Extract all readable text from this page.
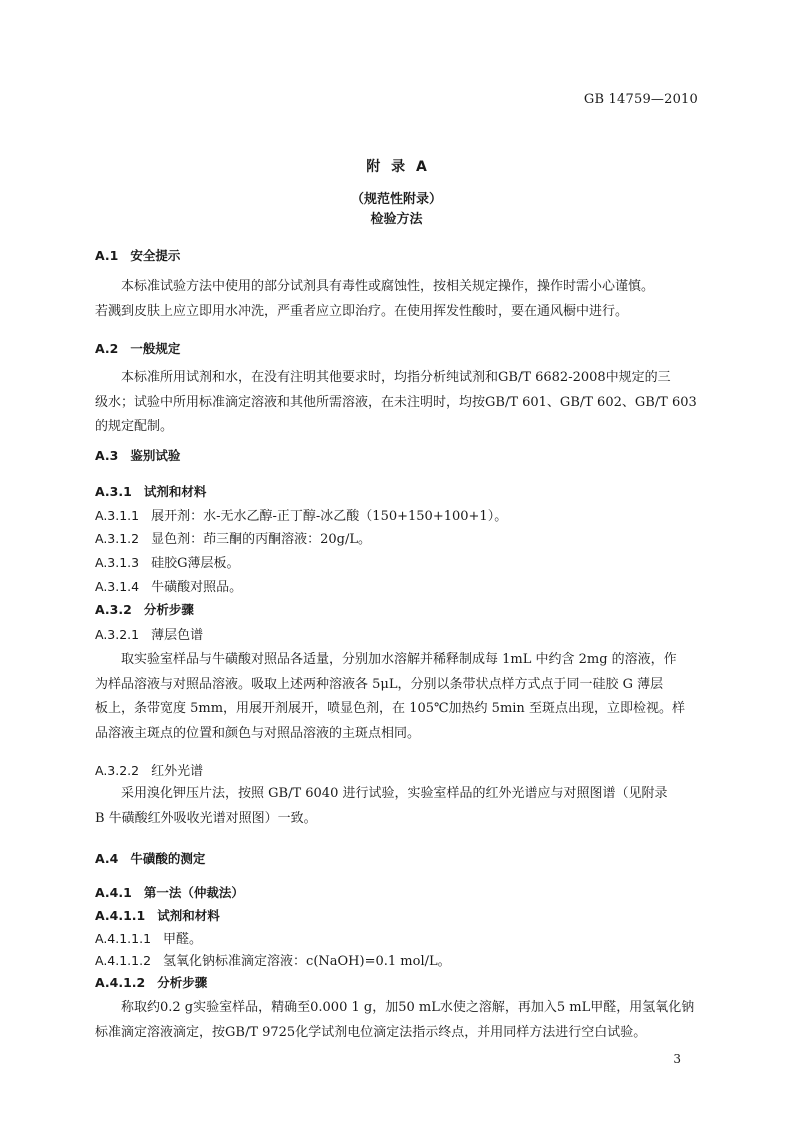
GB 14759—2010
附 录 A
（规范性附录）
检验方法
A.1 安全提示
本标准试验方法中使用的部分试剂具有毒性或腐蚀性，按相关规定操作，操作时需小心谨慎。
若溅到皮肤上应立即用水冲洗，严重者应立即治疗。在使用挥发性酸时，要在通风橱中进行。
A.2 一般规定
本标准所用试剂和水，在没有注明其他要求时，均指分析纯试剂和GB/T 6682-2008中规定的三
级水；试验中所用标准滴定溶液和其他所需溶液，在未注明时，均按GB/T 601、GB/T 602、GB/T 603
的规定配制。
A.3 鉴别试验
A.3.1 试剂和材料
A.3.1.1 展开剂：水-无水乙醇-正丁醇-冰乙酸（150+150+100+1）。
A.3.1.2 显色剂：茚三酮的丙酮溶液：20g/L。
A.3.1.3 硅胶G薄层板。
A.3.1.4 牛磺酸对照品。
A.3.2 分析步骤
A.3.2.1 薄层色谱
取实验室样品与牛磺酸对照品各适量，分别加水溶解并稀释制成每 1mL 中约含 2mg 的溶液，作
为样品溶液与对照品溶液。吸取上述两种溶液各 5μL，分别以条带状点样方式点于同一硅胶 G 薄层
板上，条带宽度 5mm，用展开剂展开，喷显色剂，在 105℃加热约 5min 至斑点出现，立即检视。样
品溶液主斑点的位置和颜色与对照品溶液的主斑点相同。
A.3.2.2 红外光谱
采用溴化钾压片法，按照 GB/T 6040 进行试验，实验室样品的红外光谱应与对照图谱（见附录
B 牛磺酸红外吸收光谱对照图）一致。
A.4 牛磺酸的测定
A.4.1 第一法（仲裁法）
A.4.1.1 试剂和材料
A.4.1.1.1 甲醛。
A.4.1.1.2 氢氧化钠标准滴定溶液：c(NaOH)=0.1 mol/L。
A.4.1.2 分析步骤
称取约0.2 g实验室样品，精确至0.000 1 g，加50 mL水使之溶解，再加入5 mL甲醛，用氢氧化钠
标准滴定溶液滴定，按GB/T 9725化学试剂电位滴定法指示终点，并用同样方法进行空白试验。
3
